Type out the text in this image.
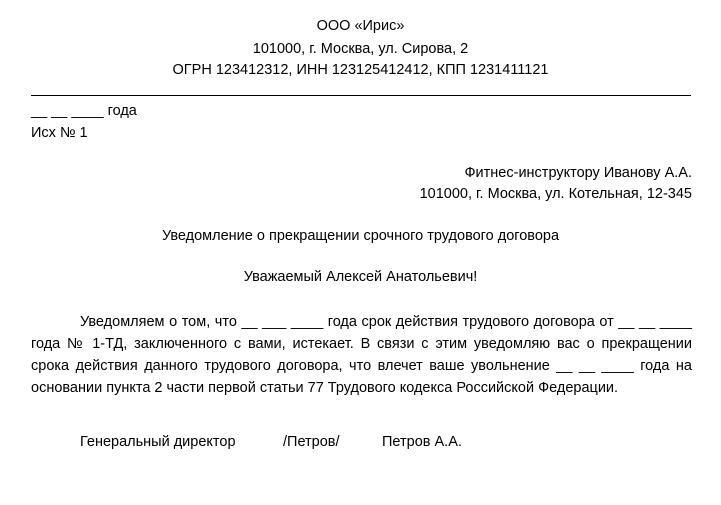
ООО «Ирис»
101000, г. Москва, ул. Сирова, 2
ОГРН 123412312, ИНН 123125412412, КПП 1231411121
__ __ ____ года
Исх № 1
Фитнес-инструктору Иванову А.А.
101000, г. Москва, ул. Котельная, 12-345
Уведомление о прекращении срочного трудового договора
Уважаемый Алексей Анатольевич!

Уведомляем о том, что __ ___ ____ года срок действия трудового договора от __ __ ____ года № 1-ТД, заключенного с вами, истекает. В связи с этим уведомляю вас о прекращении срока действия данного трудового договора, что влечет ваше увольнение __ __ ____ года на основании пункта 2 части первой статьи 77 Трудового кодекса Российской Федерации.

Генеральный директор	/Петров/	Петров А.А.
